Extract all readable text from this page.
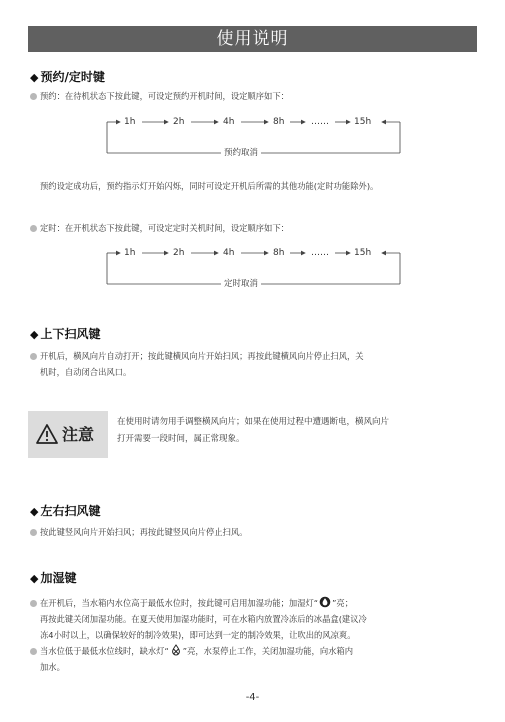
使用说明
◆ 预约/定时键
预约：在待机状态下按此键，可设定预约开机时间，设定顺序如下：
1h	2h	4h	8h	……	15h
预约取消
预约设定成功后，预约指示灯开始闪烁，同时可设定开机后所需的其他功能(定时功能除外)。
定时：在开机状态下按此键，可设定定时关机时间，设定顺序如下：
1h	2h	4h	8h	……	15h
定时取消
◆ 上下扫风键
开机后，横风向片自动打开；按此键横风向片开始扫风；再按此键横风向片停止扫风，关
机时，自动闭合出风口。
注意
在使用时请勿用手调整横风向片；如果在使用过程中遭遇断电，横风向片
打开需要一段时间，属正常现象。
◆ 左右扫风键
按此键竖风向片开始扫风；再按此键竖风向片停止扫风。
◆ 加湿键
在开机后，当水箱内水位高于最低水位时，按此键可启用加湿功能；加湿灯“ ”亮；
再按此键关闭加湿功能。在夏天使用加湿功能时，可在水箱内放置冷冻后的冰晶盒(建议冷
冻4小时以上，以确保较好的制冷效果)，即可达到一定的制冷效果，让吹出的风凉爽。
当水位低于最低水位线时，缺水灯“ ”亮，水泵停止工作，关闭加湿功能，向水箱内
加水。
-4-
